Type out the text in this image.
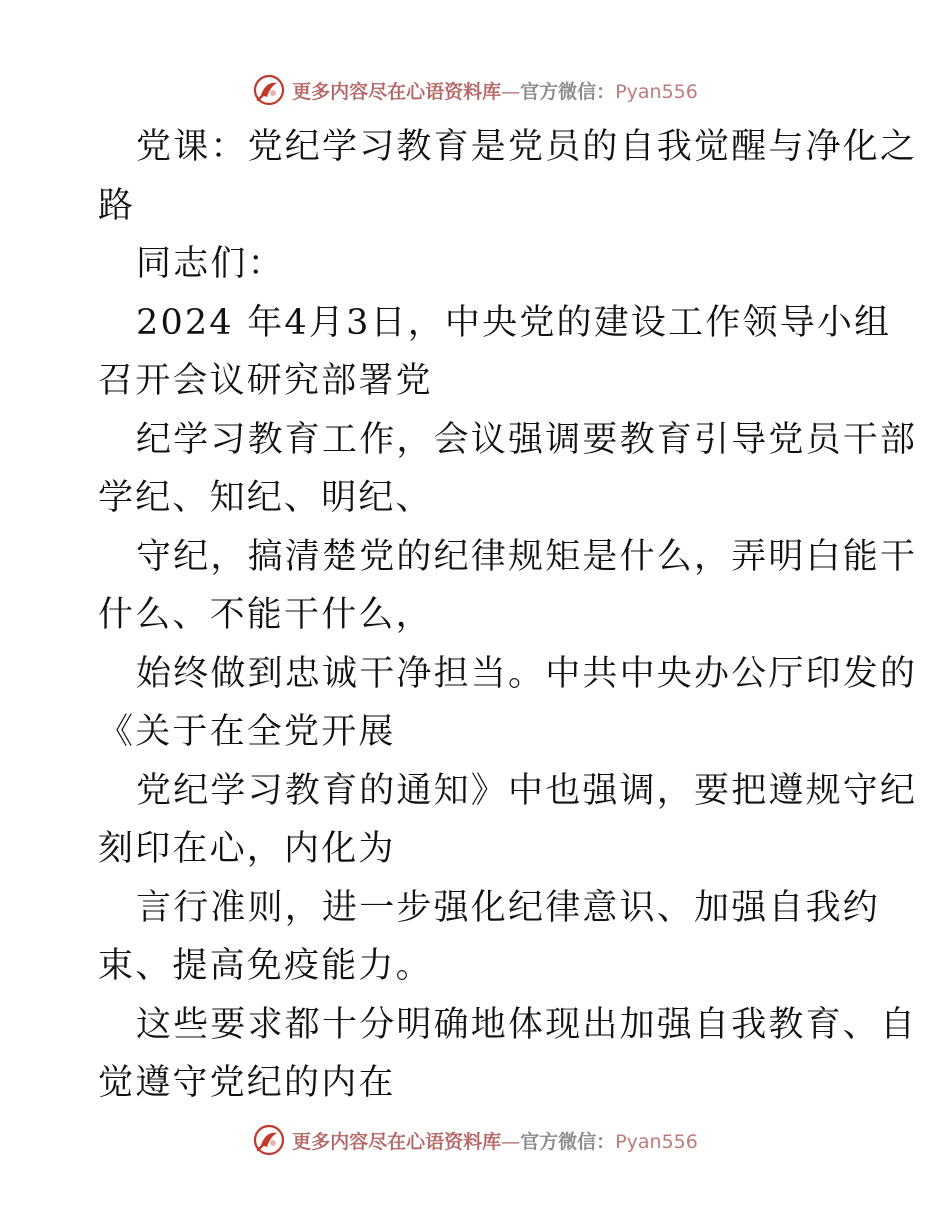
更多内容尽在心语资料库—官方微信：Pyan556

党课：党纪学习教育是党员的自我觉醒与净化之
路

同志们：

2024 年4月3日，中央党的建设工作领导小组
召开会议研究部署党

纪学习教育工作，会议强调要教育引导党员干部
学纪、知纪、明纪、

守纪，搞清楚党的纪律规矩是什么，弄明白能干
什么、不能干什么，

始终做到忠诚干净担当。中共中央办公厅印发的
《关于在全党开展

党纪学习教育的通知》中也强调，要把遵规守纪
刻印在心，内化为

言行准则，进一步强化纪律意识、加强自我约
束、提高免疫能力。

这些要求都十分明确地体现出加强自我教育、自
觉遵守党纪的内在

更多内容尽在心语资料库—官方微信：Pyan556
